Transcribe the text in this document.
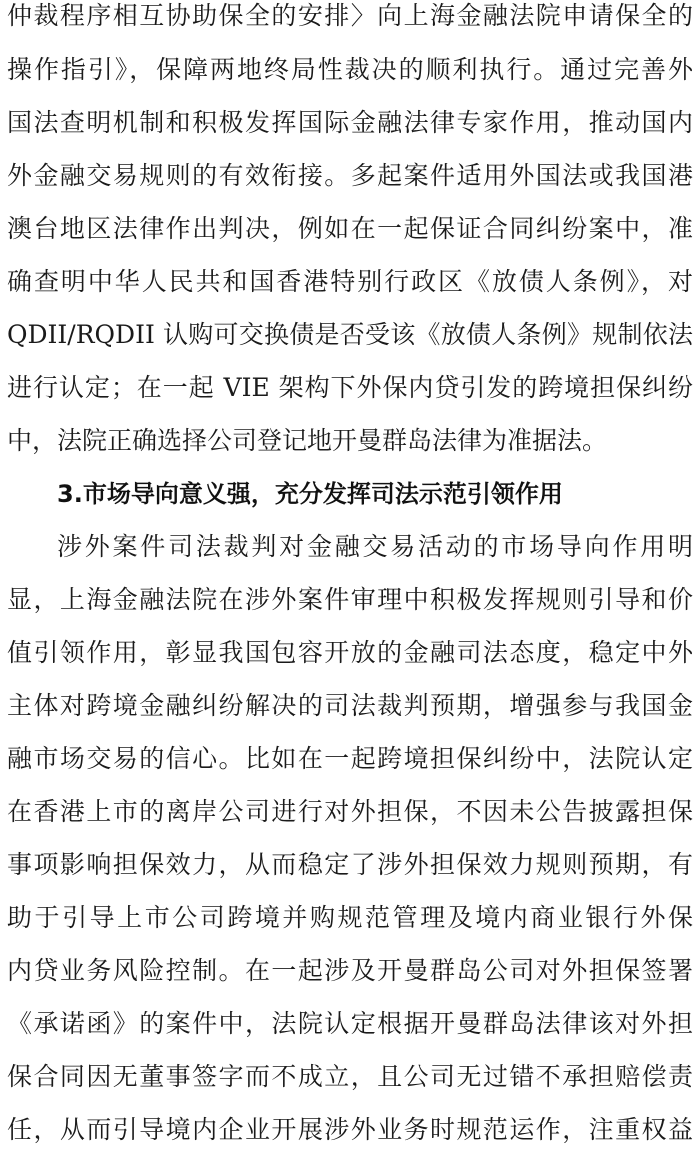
仲裁程序相互协助保全的安排〉向上海金融法院申请保全的
操作指引》，保障两地终局性裁决的顺利执行。通过完善外
国法查明机制和积极发挥国际金融法律专家作用，推动国内
外金融交易规则的有效衔接。多起案件适用外国法或我国港
澳台地区法律作出判决，例如在一起保证合同纠纷案中，准
确查明中华人民共和国香港特别行政区《放债人条例》，对
QDII/RQDII 认购可交换债是否受该《放债人条例》规制依法
进行认定；在一起 VIE 架构下外保内贷引发的跨境担保纠纷
中，法院正确选择公司登记地开曼群岛法律为准据法。
3.市场导向意义强，充分发挥司法示范引领作用
涉外案件司法裁判对金融交易活动的市场导向作用明
显，上海金融法院在涉外案件审理中积极发挥规则引导和价
值引领作用，彰显我国包容开放的金融司法态度，稳定中外
主体对跨境金融纠纷解决的司法裁判预期，增强参与我国金
融市场交易的信心。比如在一起跨境担保纠纷中，法院认定
在香港上市的离岸公司进行对外担保，不因未公告披露担保
事项影响担保效力，从而稳定了涉外担保效力规则预期，有
助于引导上市公司跨境并购规范管理及境内商业银行外保
内贷业务风险控制。在一起涉及开曼群岛公司对外担保签署
《承诺函》的案件中，法院认定根据开曼群岛法律该对外担
保合同因无董事签字而不成立，且公司无过错不承担赔偿责
任，从而引导境内企业开展涉外业务时规范运作，注重权益
